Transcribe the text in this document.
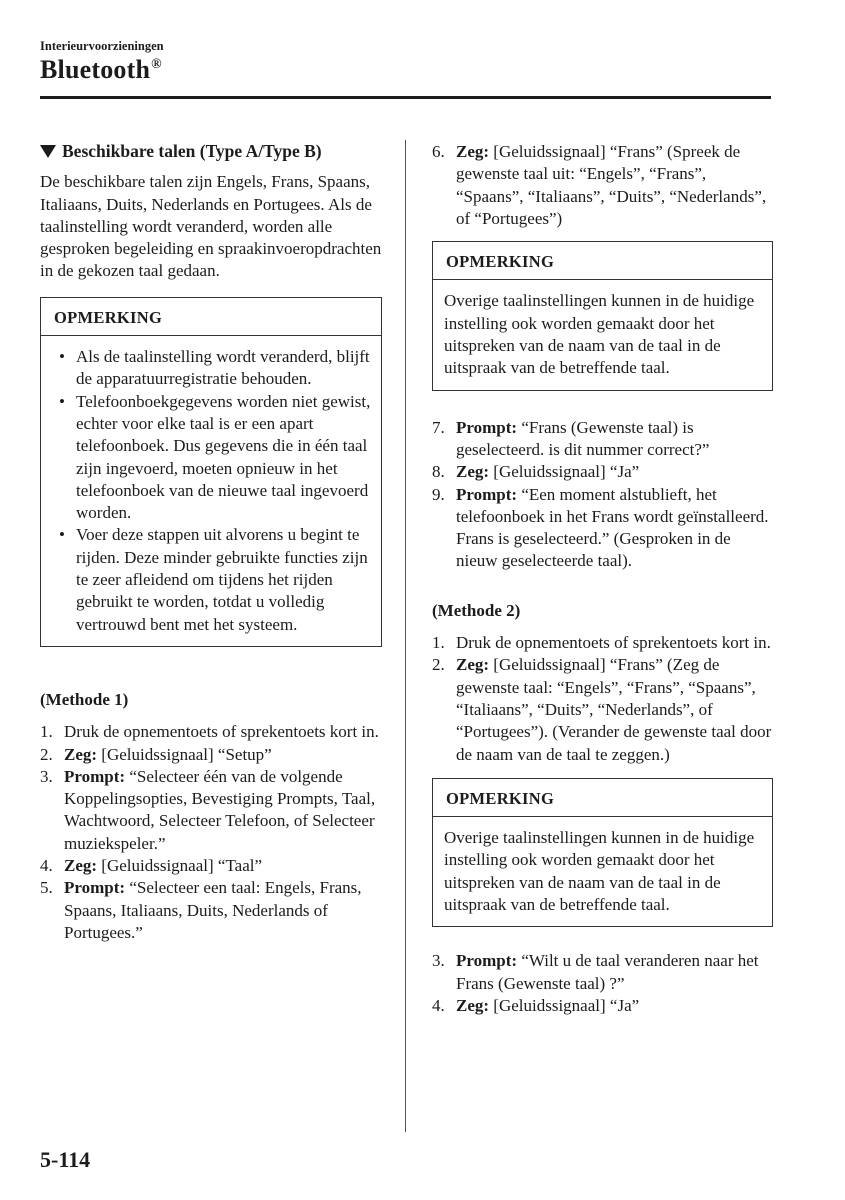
Interieurvoorzieningen
Bluetooth®
Beschikbare talen (Type A/Type B)

De beschikbare talen zijn Engels, Frans, Spaans, Italiaans, Duits, Nederlands en Portugees. Als de taalinstelling wordt veranderd, worden alle gesproken begeleiding en spraakinvoeropdrachten in de gekozen taal gedaan.

OPMERKING
• Als de taalinstelling wordt veranderd, blijft de apparatuurregistratie behouden.
• Telefoonboekgegevens worden niet gewist, echter voor elke taal is er een apart telefoonboek. Dus gegevens die in één taal zijn ingevoerd, moeten opnieuw in het telefoonboek van de nieuwe taal ingevoerd worden.
• Voer deze stappen uit alvorens u begint te rijden. Deze minder gebruikte functies zijn te zeer afleidend om tijdens het rijden gebruikt te worden, totdat u volledig vertrouwd bent met het systeem.

(Methode 1)

1. Druk de opnementoets of sprekentoets kort in.
2. Zeg: [Geluidssignaal] “Setup”
3. Prompt: “Selecteer één van de volgende Koppelingsopties, Bevestiging Prompts, Taal, Wachtwoord, Selecteer Telefoon, of Selecteer muziekspeler.”
4. Zeg: [Geluidssignaal] “Taal”
5. Prompt: “Selecteer een taal: Engels, Frans, Spaans, Italiaans, Duits, Nederlands of Portugees.”
6. Zeg: [Geluidssignaal] “Frans” (Spreek de gewenste taal uit: “Engels”, “Frans”, “Spaans”, “Italiaans”, “Duits”, “Nederlands”, of “Portugees”)
OPMERKING

Overige taalinstellingen kunnen in de huidige instelling ook worden gemaakt door het uitspreken van de naam van de taal in de uitspraak van de betreffende taal.

7. Prompt: “Frans (Gewenste taal) is geselecteerd. is dit nummer correct?”
8. Zeg: [Geluidssignaal] “Ja”
9. Prompt: “Een moment alstublieft, het telefoonboek in het Frans wordt geïnstalleerd. Frans is geselecteerd.” (Gesproken in de nieuw geselecteerde taal).

(Methode 2)

1. Druk de opnementoets of sprekentoets kort in.
2. Zeg: [Geluidssignaal] “Frans” (Zeg de gewenste taal: “Engels”, “Frans”, “Spaans”, “Italiaans”, “Duits”, “Nederlands”, of “Portugees”). (Verander de gewenste taal door de naam van de taal te zeggen.)
OPMERKING

Overige taalinstellingen kunnen in de huidige instelling ook worden gemaakt door het uitspreken van de naam van de taal in de uitspraak van de betreffende taal.

3. Prompt: “Wilt u de taal veranderen naar het Frans (Gewenste taal) ?”
4. Zeg: [Geluidssignaal] “Ja”
5-114
